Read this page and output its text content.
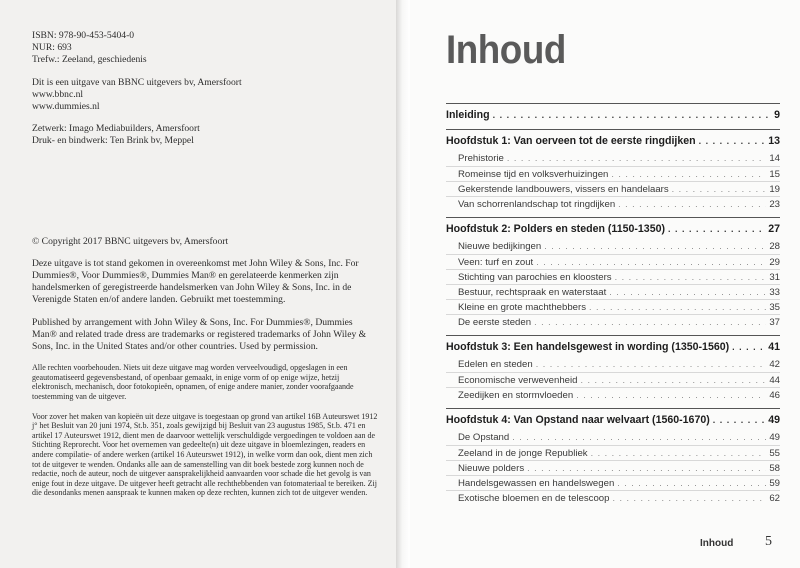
ISBN: 978-90-453-5404-0

NUR: 693

Trefw.: Zeeland, geschiedenis

Dit is een uitgave van BBNC uitgevers bv, Amersfoort

www.bbnc.nl

www.dummies.nl

Zetwerk: Imago Mediabuilders, Amersfoort

Druk- en bindwerk: Ten Brink bv, Meppel

© Copyright 2017 BBNC uitgevers bv, Amersfoort

Deze uitgave is tot stand gekomen in overeenkomst met John Wiley & Sons, Inc. For Dummies®, Voor Dummies®, Dummies Man® en gerelateerde kenmerken zijn handelsmerken of geregistreerde handelsmerken van John Wiley & Sons, Inc. in de Verenigde Staten en/of andere landen. Gebruikt met toestemming.

Published by arrangement with John Wiley & Sons, Inc. For Dummies®, Dummies Man® and related trade dress are trademarks or registered trademarks of John Wiley & Sons, Inc. in the United States and/or other countries. Used by permission.

Alle rechten voorbehouden. Niets uit deze uitgave mag worden verveelvoudigd, opgeslagen in een geautomatiseerd gegevensbestand, of openbaar gemaakt, in enige vorm of op enige wijze, hetzij elektronisch, mechanisch, door fotokopieën, opnamen, of enige andere manier, zonder voorafgaande toestemming van de uitgever.

Voor zover het maken van kopieën uit deze uitgave is toegestaan op grond van artikel 16B Auteurswet 1912 j° het Besluit van 20 juni 1974, St.b. 351, zoals gewijzigd bij Besluit van 23 augustus 1985, St.b. 471 en artikel 17 Auteurswet 1912, dient men de daarvoor wettelijk verschuldigde vergoedingen te voldoen aan de Stichting Reprorecht. Voor het overnemen van gedeelte(n) uit deze uitgave in bloemlezingen, readers en andere compilatie- of andere werken (artikel 16 Auteurswet 1912), in welke vorm dan ook, dient men zich tot de uitgever te wenden. Ondanks alle aan de samenstelling van dit boek bestede zorg kunnen noch de redactie, noch de auteur, noch de uitgever aansprakelijkheid aanvaarden voor schade die het gevolg is van enige fout in deze uitgave. De uitgever heeft getracht alle rechthebbenden van fotomateriaal te bereiken. Zij die desondanks menen aanspraak te kunnen maken op deze rechten, kunnen zich tot de uitgever wenden.

Inhoud
Inleiding . . .	9
Hoofdstuk 1: Van oerveen tot de eerste ringdijken . . .	13
Prehistorie . . .	14
Romeinse tijd en volksverhuizingen . . .	15
Gekerstende landbouwers, vissers en handelaars . . .	19
Van schorrenlandschap tot ringdijken . . .	23
Hoofdstuk 2: Polders en steden (1150-1350) . . .	27
Nieuwe bedijkingen . . .	28
Veen: turf en zout . . .	29
Stichting van parochies en kloosters . . .	31
Bestuur, rechtspraak en waterstaat . . .	33
Kleine en grote machthebbers . . .	35
De eerste steden . . .	37
Hoofdstuk 3: Een handelsgewest in wording (1350-1560) . . .	41
Edelen en steden . . .	42
Economische verwevenheid . . .	44
Zeedijken en stormvloeden . . .	46
Hoofdstuk 4: Van Opstand naar welvaart (1560-1670) . . .	49
De Opstand . . .	49
Zeeland in de jonge Republiek . . .	55
Nieuwe polders . . .	58
Handelsgewassen en handelswegen . . .	59
Exotische bloemen en de telescoop . . .	62
Inhoud 5
